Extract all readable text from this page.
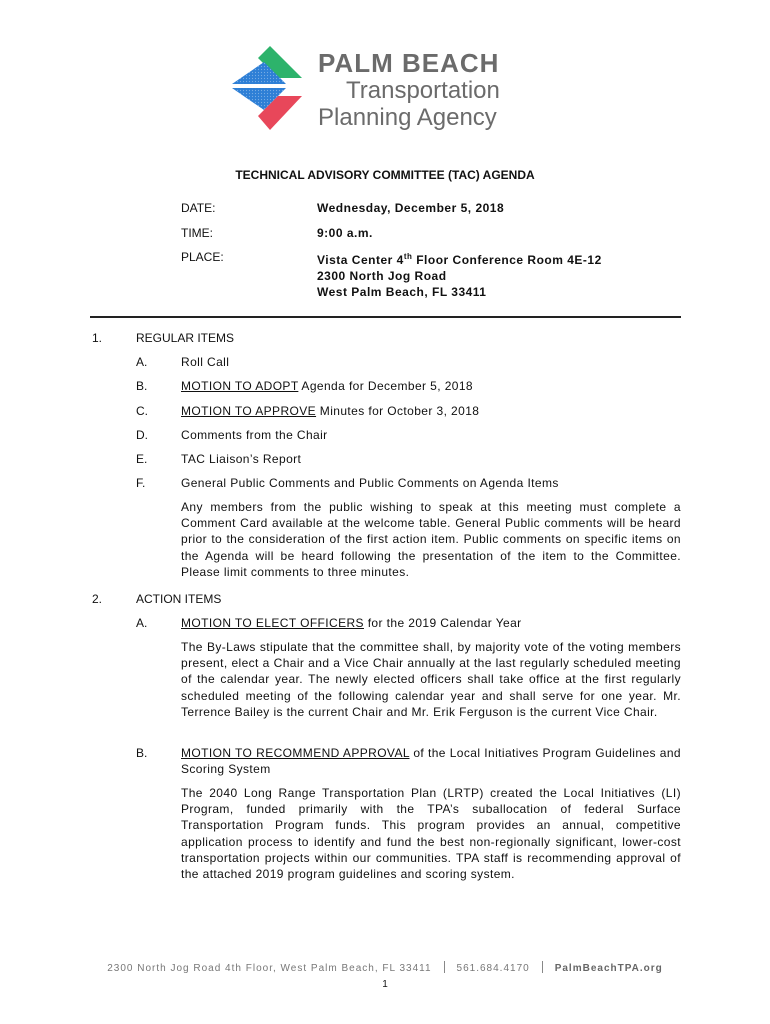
PALM BEACH
Transportation
Planning Agency
TECHNICAL ADVISORY COMMITTEE (TAC) AGENDA
DATE:	Wednesday, December 5, 2018
TIME:	9:00 a.m.
PLACE:	Vista Center 4th Floor Conference Room 4E-12
2300 North Jog Road
West Palm Beach, FL 33411
1.	REGULAR ITEMS
A.	Roll Call
B.	MOTION TO ADOPT Agenda for December 5, 2018
C.	MOTION TO APPROVE Minutes for October 3, 2018
D.	Comments from the Chair
E.	TAC Liaison’s Report
F.	General Public Comments and Public Comments on Agenda Items
Any members from the public wishing to speak at this meeting must complete a Comment Card available at the welcome table. General Public comments will be heard prior to the consideration of the first action item. Public comments on specific items on the Agenda will be heard following the presentation of the item to the Committee. Please limit comments to three minutes.
2.	ACTION ITEMS
A.	MOTION TO ELECT OFFICERS for the 2019 Calendar Year
The By-Laws stipulate that the committee shall, by majority vote of the voting members present, elect a Chair and a Vice Chair annually at the last regularly scheduled meeting of the calendar year. The newly elected officers shall take office at the first regularly scheduled meeting of the following calendar year and shall serve for one year. Mr. Terrence Bailey is the current Chair and Mr. Erik Ferguson is the current Vice Chair.
B.	MOTION TO RECOMMEND APPROVAL of the Local Initiatives Program Guidelines and Scoring System
The 2040 Long Range Transportation Plan (LRTP) created the Local Initiatives (LI) Program, funded primarily with the TPA’s suballocation of federal Surface Transportation Program funds. This program provides an annual, competitive application process to identify and fund the best non-regionally significant, lower-cost transportation projects within our communities. TPA staff is recommending approval of the attached 2019 program guidelines and scoring system.
2300 North Jog Road 4th Floor, West Palm Beach, FL 33411	561.684.4170	PalmBeachTPA.org
1
